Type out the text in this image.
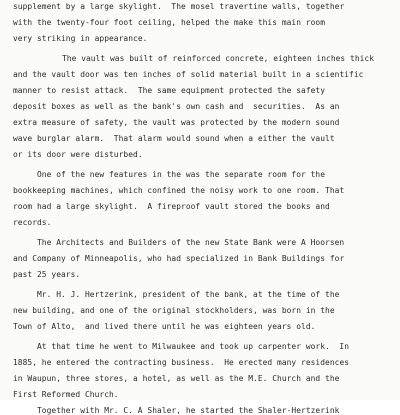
supplement by a large skylight.  The mosel travertine walls, together
with the twenty-four foot ceiling, helped the make this main room
very striking in appearance.
The vault was built of reinforced concrete, eighteen inches thick
and the vault door was ten inches of solid material built in a scientific
manner to resist attack.  The same equipment protected the safety
deposit boxes as well as the bank's own cash and  securities.  As an
extra measure of safety, the vault was protected by the modern sound
wave burglar alarm.  That alarm would sound when a either the vault
or its door were disturbed.
One of the new features in the was the separate room for the
bookkeeping machines, which confined the noisy work to one room. That
room had a large skylight.  A fireproof vault stored the books and
records.
The Architects and Builders of the new State Bank were A Hoorsen
and Company of Minneapolis, who had specialized in Bank Buildings for
past 25 years.
Mr. H. J. Hertzerink, president of the bank, at the time of the
new building, and one of the original stockholders, was born in the
Town of Alto,  and lived there until he was eighteen years old.
At that time he went to Milwaukee and took up carpenter work.  In
1885, he entered the contracting business.  He erected many residences
in Waupun, three stores, a hotel, as well as the M.E. Church and the
First Reformed Church.
Together with Mr. C. A Shaler, he started the Shaler-Hertzerink
